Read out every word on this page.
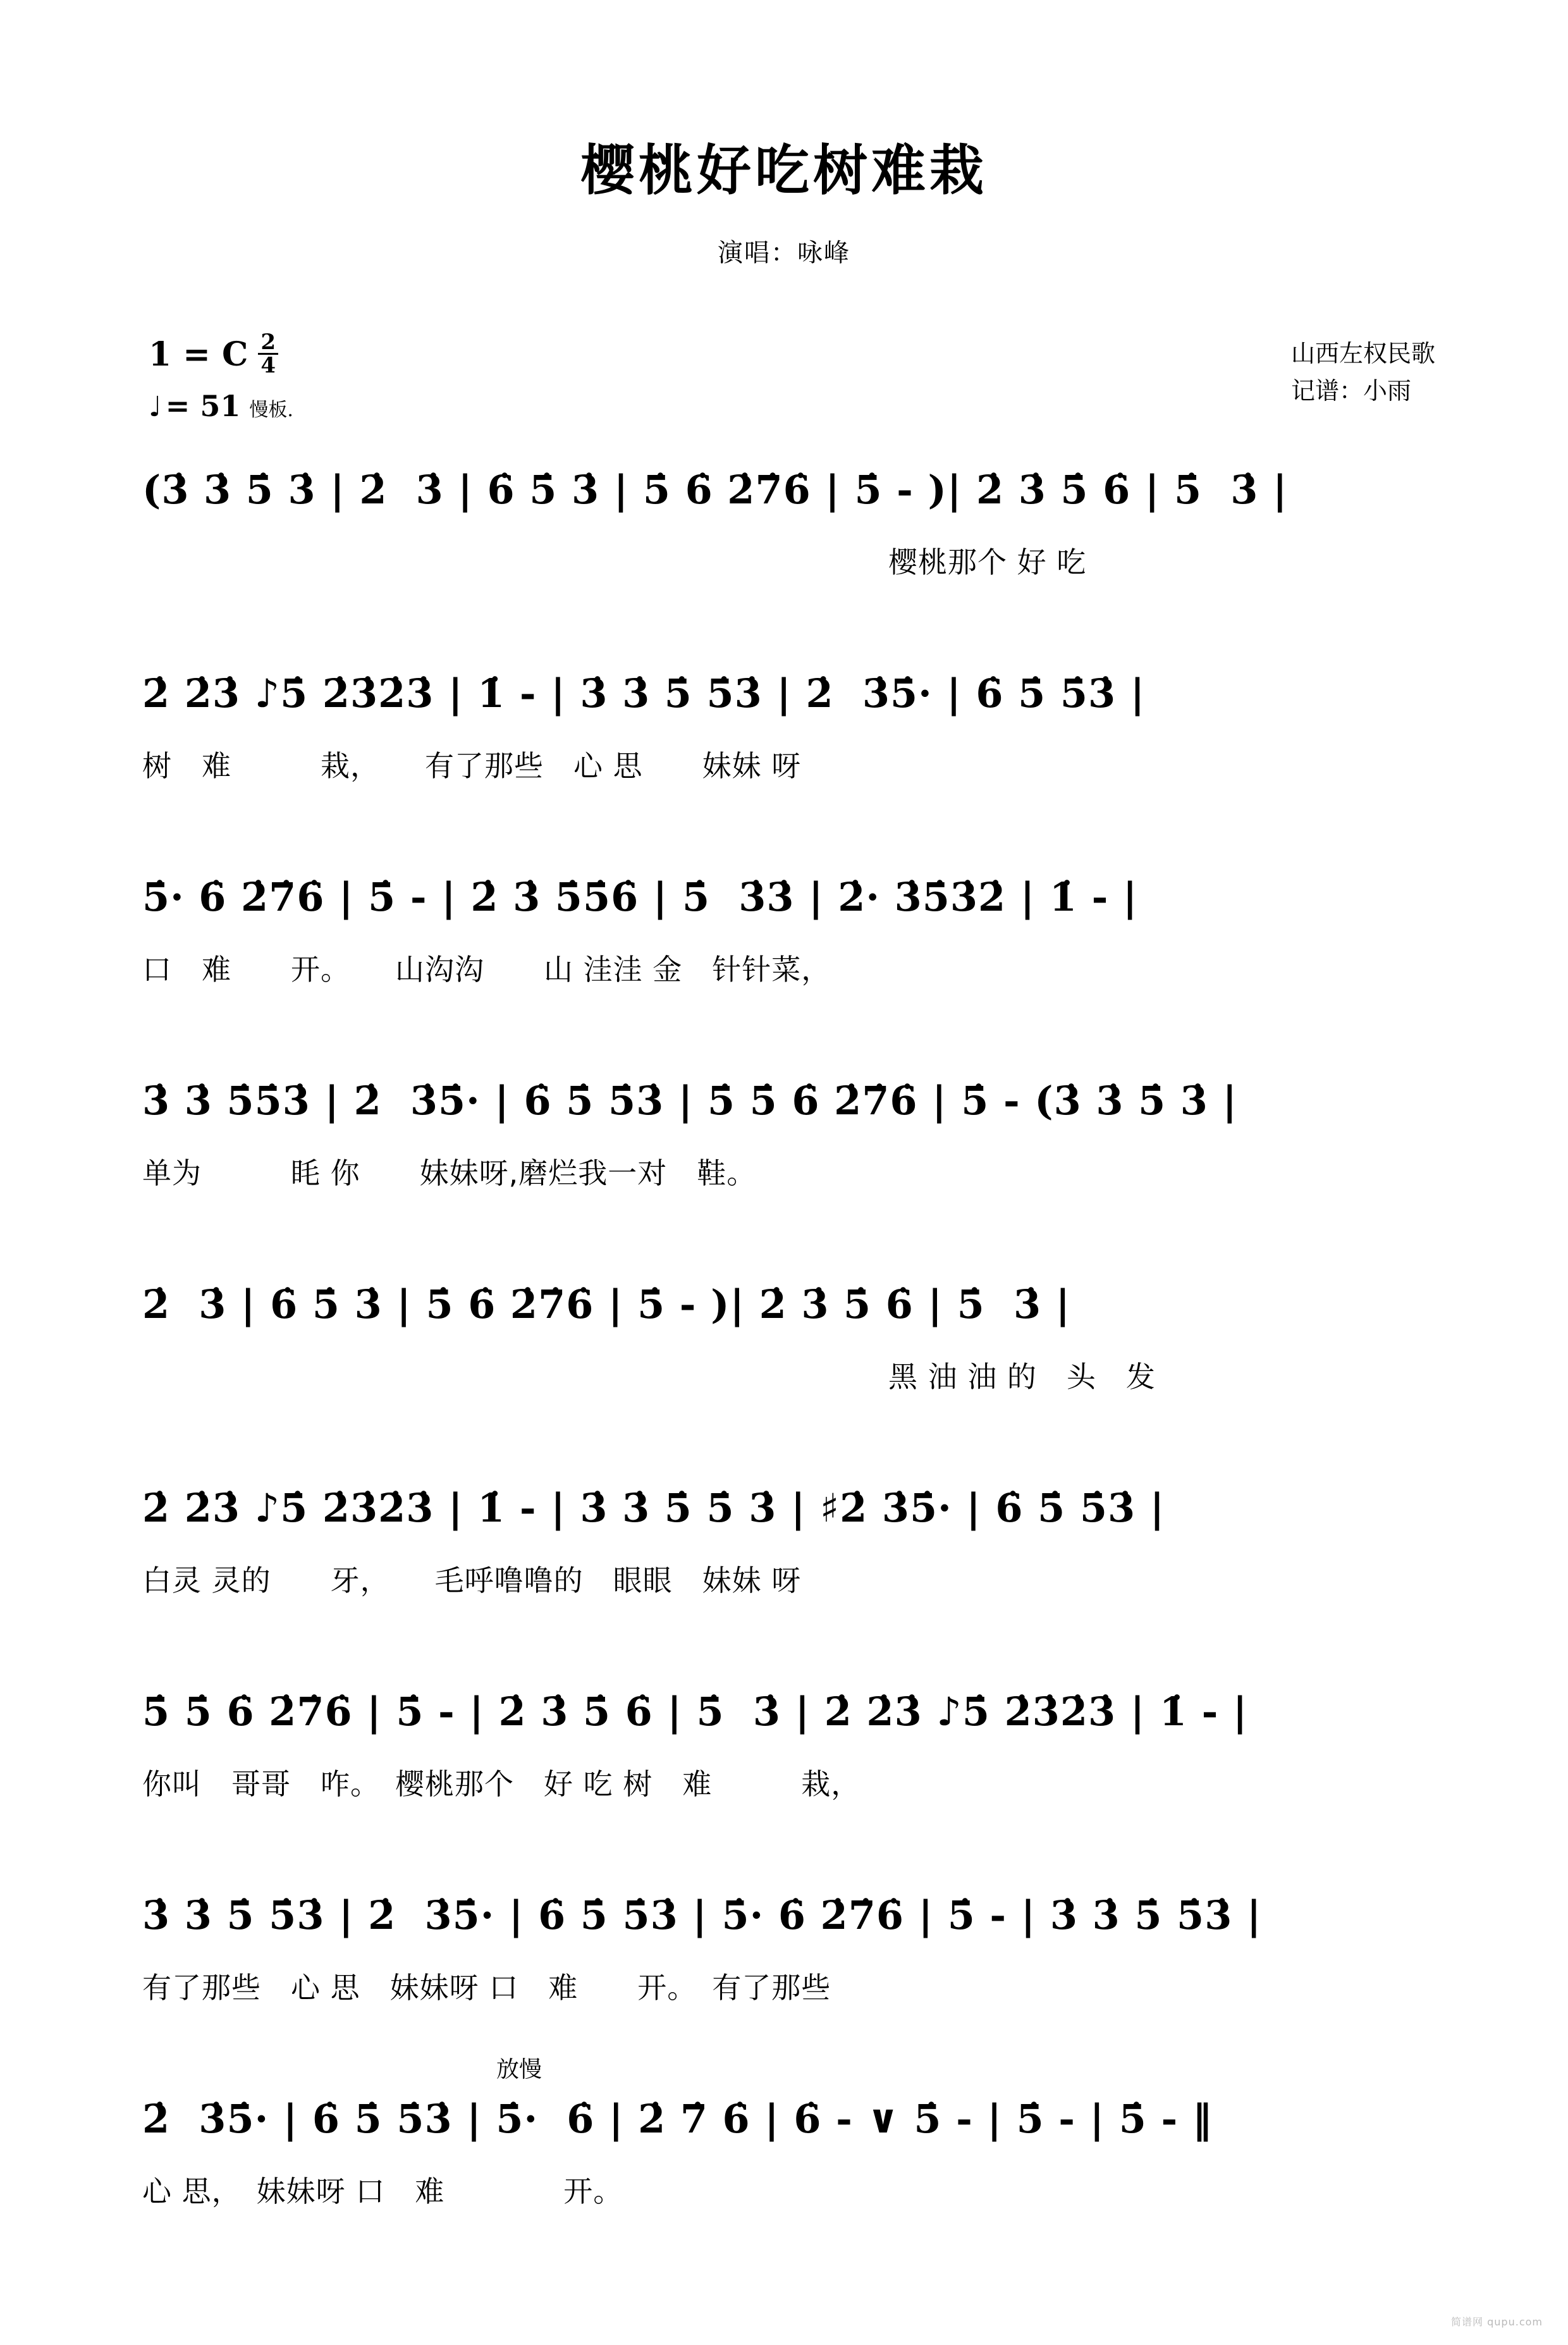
樱桃好吃树难栽
演唱：咏峰
山西左权民歌
记谱：小雨
1 = C $\frac{2}{4}$
♩ = 51 慢板.
(3̇ 3̇ 5̇ 3̇ | 2̇  3̇ | 6̇ 5̇ 3̇ | 5̇ 6̇ 2̇7̇6̇ | 5̇ - )| 2̇ 3̇ 5̇ 6̇ | 5̇  3̇ |
樱桃那个 好 吃
2̇ 2̇3̇ ♪5̇ 2̇3̇2̇3̇ | 1̇ - | 3̇ 3̇ 5̇ 5̇3̇ | 2̇  3̇5̇· | 6̇ 5̇ 5̇3̇ |
树　难　　　栽，　　有了那些　心 思　　妹妹 呀
5̇· 6̇ 2̇7̇6̇ | 5̇ - | 2̇ 3̇ 5̇5̇6̇ | 5̇  3̇3̇ | 2̇· 3̇5̇3̇2̇ | 1̇ - |
口　难　　开。　　山沟沟　　山 洼洼 金　针针菜，
3̇ 3̇ 5̇5̇3̇ | 2̇  3̇5̇· | 6̇ 5̇ 5̇3̇ | 5̇ 5̇ 6̇ 2̇7̇6̇ | 5̇ - (3̇ 3̇ 5̇ 3̇ |
单为　　　眊 你　　妹妹呀,磨烂我一对　鞋。
2̇  3̇ | 6̇ 5̇ 3̇ | 5̇ 6̇ 2̇7̇6̇ | 5̇ - )| 2̇ 3̇ 5̇ 6̇ | 5̇  3̇ |
黑 油 油 的　头　发
2̇ 2̇3̇ ♪5̇ 2̇3̇2̇3̇ | 1̇ - | 3̇ 3̇ 5̇ 5̇ 3̇ | ♯2̇ 3̇5̇· | 6̇ 5̇ 5̇3̇ |
白灵 灵的　　牙，　　毛呼噜噜的　眼眼　妹妹 呀
5̇ 5̇ 6̇ 2̇7̇6̇ | 5̇ - | 2̇ 3̇ 5̇ 6̇ | 5̇  3̇ | 2̇ 2̇3̇ ♪5̇ 2̇3̇2̇3̇ | 1̇ - |
你叫　哥哥　咋。　樱桃那个　好 吃 树　难　　　栽，
3̇ 3̇ 5̇ 5̇3̇ | 2̇  3̇5̇· | 6̇ 5̇ 5̇3̇ | 5̇· 6̇ 2̇7̇6̇ | 5̇ - | 3̇ 3̇ 5̇ 5̇3̇ |
有了那些　心 思　妹妹呀 口　难　　开。　有了那些
放慢
2̇  3̇5̇· | 6̇ 5̇ 5̇3̇ | 5̇·  6̇ | 2̇ 7̇ 6̇ | 6̇ - ∨ 5̇ - | 5̇ - | 5̇ - ‖
心 思，　妹妹呀 口　难　　　　开。
简谱网 qupu.com
